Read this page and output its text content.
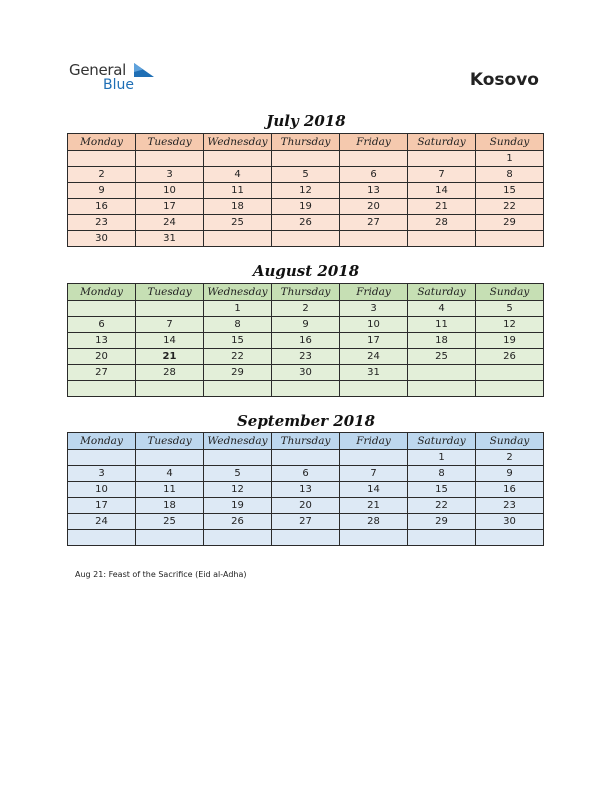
General
Blue	Kosovo
July 2018
Monday	Tuesday	Wednesday	Thursday	Friday	Saturday	Sunday
						1
2	3	4	5	6	7	8
9	10	11	12	13	14	15
16	17	18	19	20	21	22
23	24	25	26	27	28	29
30	31					
August 2018
Monday	Tuesday	Wednesday	Thursday	Friday	Saturday	Sunday
		1	2	3	4	5
6	7	8	9	10	11	12
13	14	15	16	17	18	19
20	21	22	23	24	25	26
27	28	29	30	31		

September 2018
Monday	Tuesday	Wednesday	Thursday	Friday	Saturday	Sunday
					1	2
3	4	5	6	7	8	9
10	11	12	13	14	15	16
17	18	19	20	21	22	23
24	25	26	27	28	29	30

Aug 21: Feast of the Sacrifice (Eid al-Adha)
